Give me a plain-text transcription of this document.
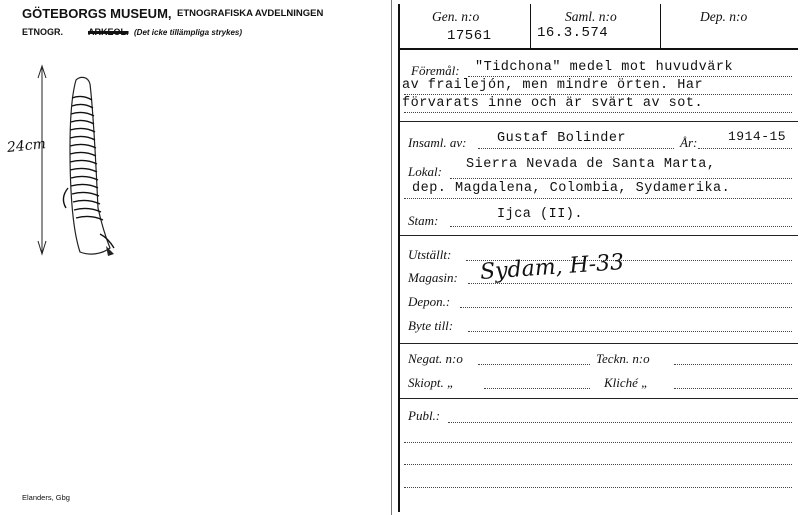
GÖTEBORGS MUSEUM, ETNOGRAFISKA AVDELNINGEN
ETNOGR.	ARKEOL. (Det icke tillämpliga strykes)
24cm
Elanders, Gbg
Gen. n:o	Saml. n:o	Dep. n:o
17561	16.3.574
Föremål: "Tidchona" medel mot huvudvärk
av frailejón, men mindre örten. Har
förvarats inne och är svärt av sot.
Insaml. av: Gustaf Bolinder	År: 1914-15
Lokal: Sierra Nevada de Santa Marta,
dep. Magdalena, Colombia, Sydamerika.
Stam:	Ijca (II).
Utställt:
Magasin: Sydam, H-33
Depon.:
Byte till:
Negat. n:o	Teckn. n:o
Skiopt. „	Kliché „
Publ.:
